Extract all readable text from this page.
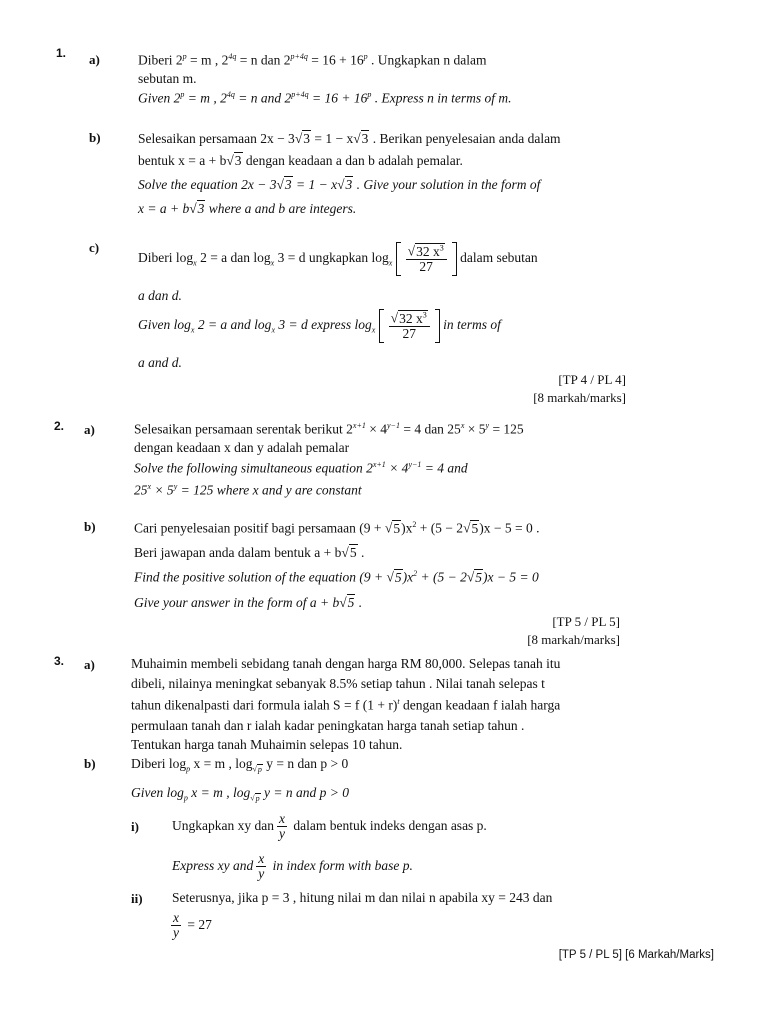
1. a)	Diberi $2^p = m$ , $2^{4q} = n$ dan $2^{p+4q} = 16 + 16^p$ . Ungkapkan n dalam
sebutan m.
Given $2^p = m$ , $2^{4q} = n$ and $2^{p+4q} = 16 + 16^p$ . Express n in terms of m.
b)	Selesaikan persamaan 2x − 3√3 = 1 − x√3 . Berikan penyelesaian anda dalam
bentuk x = a + b√3 dengan keadaan a dan b adalah pemalar.
Solve the equation 2x − 3√3 = 1 − x√3 . Give your solution in the form of
x = a + b√3 where a and b are integers.
c)
Diberi $\log_x 2 = a$ dan $\log_x 3 = d$ ungkapkan $\log_x \frac{√32 x^3}{27}$ dalam sebutan
a dan d.
Given $\log_x 2 = a$ and $\log_x 3 = d$ express $\log_x \frac{√32 x^3}{27}$ in terms of
a and d.
[TP 4 / PL 4]
[8 markah/marks]
2. a)	Selesaikan persamaan serentak berikut $2^{x+1} \times 4^{y-1} = 4$ dan $25^x \times 5^y = 125$
dengan keadaan x dan y adalah pemalar
Solve the following simultaneous equation $2^{x+1} \times 4^{y-1} = 4$ and
$25^x \times 5^y = 125$ where x and y are constant
b)	Cari penyelesaian positif bagi persamaan $(9 + √5)x^2 + (5 - 2√5)x - 5 = 0$ .
Beri jawapan anda dalam bentuk a + b√5 .
Find the positive solution of the equation $(9 + √5)x^2 + (5 - 2√5)x - 5 = 0$
Give your answer in the form of a + b√5 .
[TP 5 / PL 5]
[8 markah/marks]
3. a)	Muhaimin membeli sebidang tanah dengan harga RM 80,000. Selepas tanah itu
dibeli, nilainya meningkat sebanyak 8.5% setiap tahun . Nilai tanah selepas t
tahun dikenalpasti dari formula ialah S = f $(1 + r)^t$ dengan keadaan f ialah harga
permulaan tanah dan r ialah kadar peningkatan harga tanah setiap tahun .
Tentukan harga tanah Muhaimin selepas 10 tahun.
b)	Diberi $\log_p x = m$ , $\log_{√p} y = n$ dan p > 0
Given $\log_p x = m$ , $\log_{√p} y = n$ and p > 0
i) Ungkapkan xy dan $\frac{x}{y}$ dalam bentuk indeks dengan asas p.
Express xy and $\frac{x}{y}$ in index form with base p.
ii) Seterusnya, jika p = 3 , hitung nilai m dan nilai n apabila xy = 243 dan
$\frac{x}{y} = 27$
[TP 5 / PL 5] [6 Markah/Marks]
